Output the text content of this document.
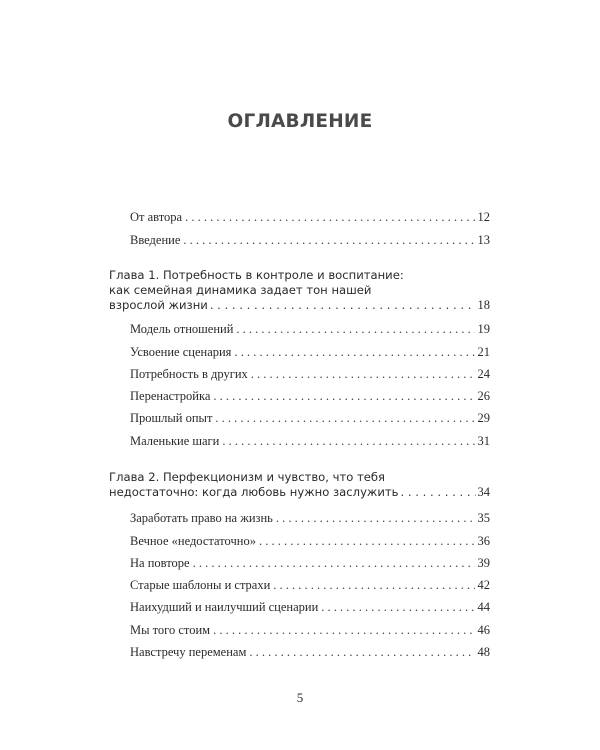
ОГЛАВЛЕНИЕ
От автора . . .	12
Введение . . .	13
Глава 1. Потребность в контроле и воспитание:
как семейная динамика задает тон нашей
взрослой жизни . . .	18
Модель отношений . . .	19
Усвоение сценария . . .	21
Потребность в других . . .	24
Перенастройка . . .	26
Прошлый опыт . . .	29
Маленькие шаги . . .	31
Глава 2. Перфекционизм и чувство, что тебя
недостаточно: когда любовь нужно заслужить . . .	34
Заработать право на жизнь . . .	35
Вечное «недостаточно» . . .	36
На повторе . . .	39
Старые шаблоны и страхи . . .	42
Наихудший и наилучший сценарии . . .	44
Мы того стоим . . .	46
Навстречу переменам . . .	48
5
